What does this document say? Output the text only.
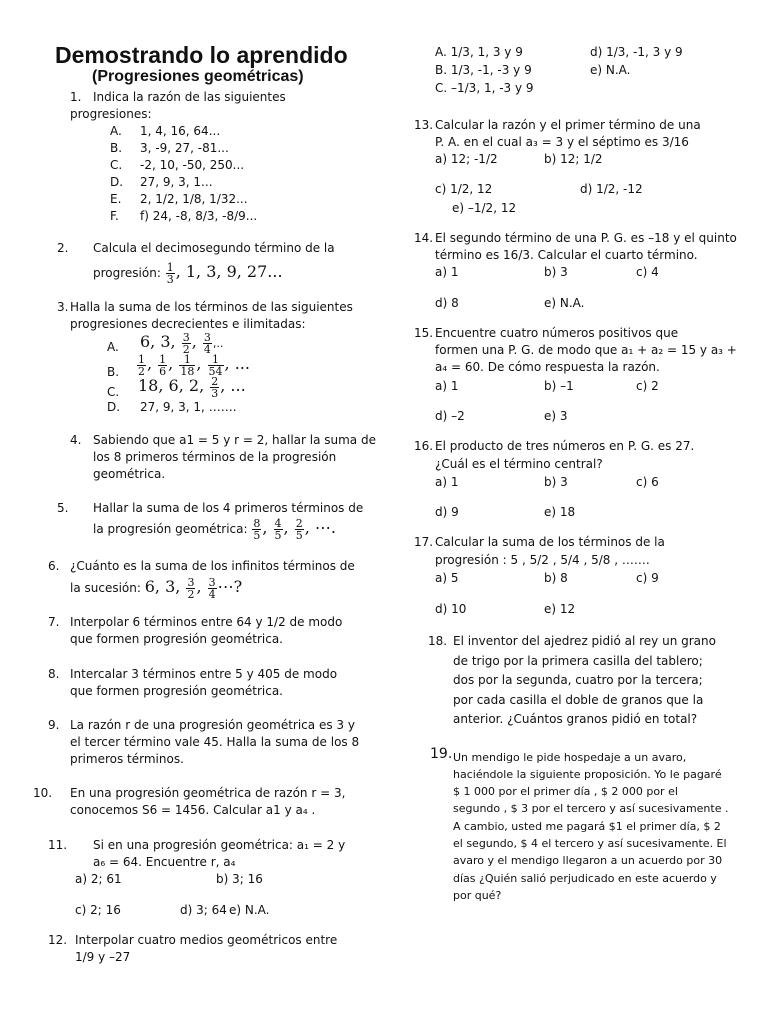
Demostrando lo aprendido
(Progresiones geométricas)
1. Indica la razón de las siguientes
progresiones:
A. 1, 4, 16, 64...
B. 3, -9, 27, -81...
C. -2, 10, -50, 250...
D. 27, 9, 3, 1...
E. 2, 1/2, 1/8, 1/32...
F. f) 24, -8, 8/3, -8/9...
2. Calcula el decimosegundo término de la
progresión: $\frac{1}{3}$ , 1, 3, 9, 27...
3. Halla la suma de los términos de las siguientes
progresiones decrecientes e ilimitadas:
A. 6, 3, $\frac{3}{2}$ , $\frac{3}{4}$ ,..
B. $\frac{1}{2}$ , $\frac{1}{6}$ , $\frac{1}{18}$ , $\frac{1}{54}$ , ...
C. 18, 6, 2, $\frac{2}{3}$ , ...
D. 27, 9, 3, 1, …….
4. Sabiendo que a1 = 5 y r = 2, hallar la suma de
los 8 primeros términos de la progresión
geométrica.
5. Hallar la suma de los 4 primeros términos de
la progresión geométrica: $\frac{8}{5}$ , $\frac{4}{5}$ , $\frac{2}{5}$ , ⋯.
6. ¿Cuánto es la suma de los infinitos términos de
la sucesión: 6, 3, $\frac{3}{2}$ , $\frac{3}{4}$ ⋯?
7. Interpolar 6 términos entre 64 y 1/2 de modo
que formen progresión geométrica.
8. Intercalar 3 términos entre 5 y 405 de modo
que formen progresión geométrica.
9. La razón r de una progresión geométrica es 3 y
el tercer término vale 45. Halla la suma de los 8
primeros términos.
10. En una progresión geométrica de razón r = 3,
conocemos S6 = 1456. Calcular a1 y a₄ .
11. Si en una progresión geométrica: a₁ = 2 y
a₆ = 64. Encuentre r, a₄
a) 2; 61	b) 3; 16
c) 2; 16	d) 3; 64 e) N.A.
12. Interpolar cuatro medios geométricos entre
1/9 y –27
A. 1/3, 1, 3 y 9	d) 1/3, -1, 3 y 9
B. 1/3, -1, -3 y 9	e) N.A.
C. –1/3, 1, -3 y 9
13. Calcular la razón y el primer término de una
P. A. en el cual a₃ = 3 y el séptimo es 3/16
a) 12; -1/2	b) 12; 1/2
c) 1/2, 12	d) 1/2, -12
e) –1/2, 12
14. El segundo término de una P. G. es –18 y el quinto
término es 16/3. Calcular el cuarto término.
a) 1	b) 3	c) 4
d) 8	e) N.A.
15. Encuentre cuatro números positivos que
formen una P. G. de modo que a₁ + a₂ = 15 y a₃ +
a₄ = 60. De cómo respuesta la razón.
a) 1	b) –1	c) 2
d) –2	e) 3
16. El producto de tres números en P. G. es 27.
¿Cuál es el término central?
a) 1	b) 3	c) 6
d) 9	e) 18
17. Calcular la suma de los términos de la
progresión : 5 , 5/2 , 5/4 , 5/8 , …….
a) 5	b) 8	c) 9
d) 10	e) 12
18. El inventor del ajedrez pidió al rey un grano
de trigo por la primera casilla del tablero;
dos por la segunda, cuatro por la tercera;
por cada casilla el doble de granos que la
anterior. ¿Cuántos granos pidió en total?
19. Un mendigo le pide hospedaje a un avaro,
haciéndole la siguiente proposición. Yo le pagaré
$ 1 000 por el primer día , $ 2 000 por el
segundo , $ 3 por el tercero y así sucesivamente .
A cambio, usted me pagará $1 el primer día, $ 2
el segundo, $ 4 el tercero y así sucesivamente. El
avaro y el mendigo llegaron a un acuerdo por 30
días ¿Quién salió perjudicado en este acuerdo y
por qué?
